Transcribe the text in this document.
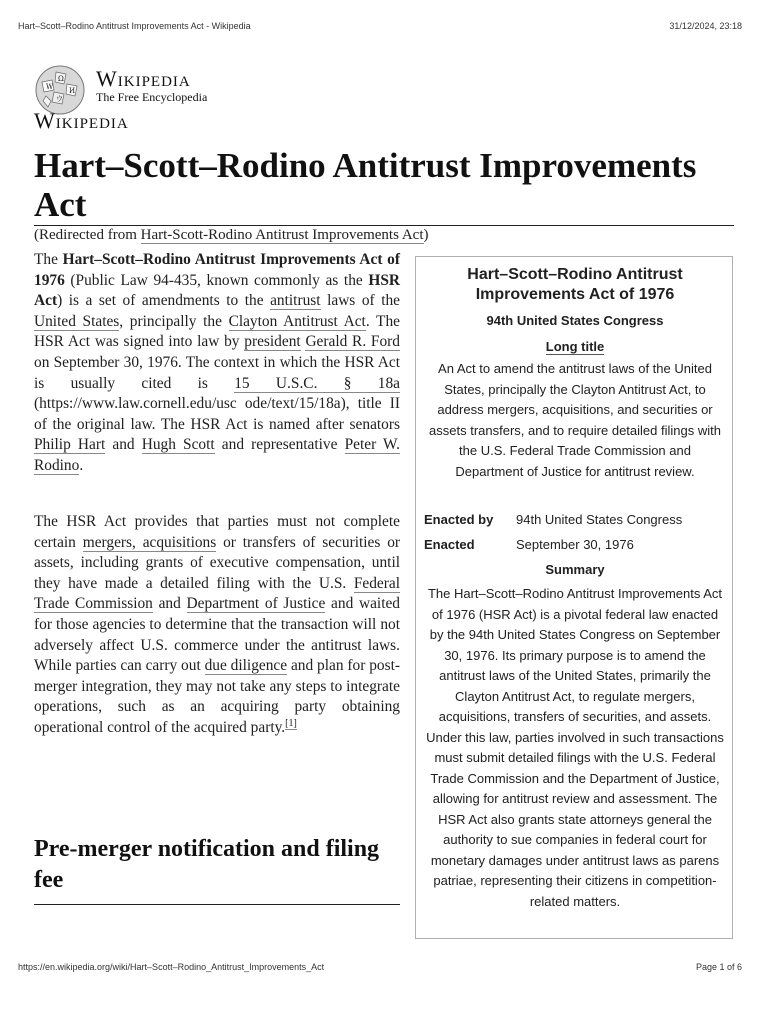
Hart–Scott–Rodino Antitrust Improvements Act - Wikipedia	31/12/2024, 23:18
W
Ω
И
ウ
Wikipedia
The Free Encyclopedia
Wikipedia
Hart–Scott–Rodino Antitrust Improvements Act
(Redirected from Hart-Scott-Rodino Antitrust Improvements Act)

The Hart–Scott–Rodino Antitrust Improvements Act of 1976 (Public Law 94-435, known commonly as the HSR Act) is a set of amendments to the antitrust laws of the United States, principally the Clayton Antitrust Act. The HSR Act was signed into law by president Gerald R. Ford on September 30, 1976. The context in which the HSR Act is usually cited is 15 U.S.C. § 18a (https://www.law.cornell.edu/usc ode/text/15/18a), title II of the original law. The HSR Act is named after senators Philip Hart and Hugh Scott and representative Peter W. Rodino.

The HSR Act provides that parties must not complete certain mergers, acquisitions or transfers of securities or assets, including grants of executive compensation, until they have made a detailed filing with the U.S. Federal Trade Commission and Department of Justice and waited for those agencies to determine that the transaction will not adversely affect U.S. commerce under the antitrust laws. While parties can carry out due diligence and plan for post-merger integration, they may not take any steps to integrate operations, such as an acquiring party obtaining operational control of the acquired party.[1]

Pre-merger notification and filing fee
Hart–Scott–Rodino Antitrust Improvements Act of 1976
94th United States Congress
Long title
An Act to amend the antitrust laws of the United States, principally the Clayton Antitrust Act, to address mergers, acquisitions, and securities or assets transfers, and to require detailed filings with the U.S. Federal Trade Commission and Department of Justice for antitrust review.
Enacted by 94th United States Congress
Enacted	September 30, 1976
Summary
The Hart–Scott–Rodino Antitrust Improvements Act of 1976 (HSR Act) is a pivotal federal law enacted by the 94th United States Congress on September 30, 1976. Its primary purpose is to amend the antitrust laws of the United States, primarily the Clayton Antitrust Act, to regulate mergers, acquisitions, transfers of securities, and assets. Under this law, parties involved in such transactions must submit detailed filings with the U.S. Federal Trade Commission and the Department of Justice, allowing for antitrust review and assessment. The HSR Act also grants state attorneys general the authority to sue companies in federal court for monetary damages under antitrust laws as parens patriae, representing their citizens in competition-related matters.
https://en.wikipedia.org/wiki/Hart–Scott–Rodino_Antitrust_Improvements_Act	Page 1 of 6
